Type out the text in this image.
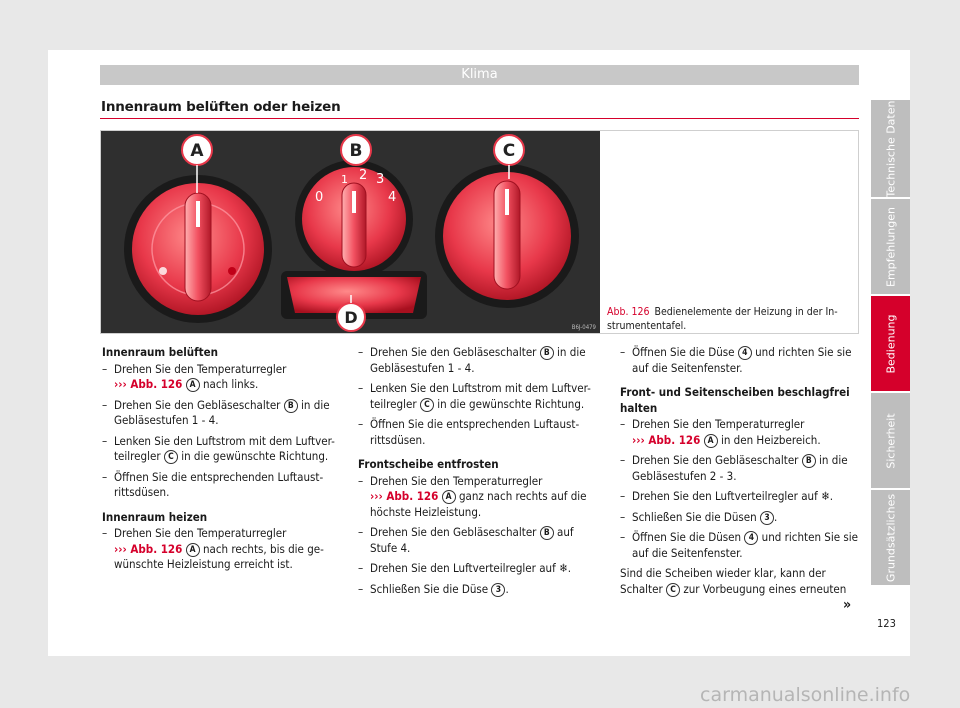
Klima
Innenraum belüften oder heizen
0
1 2 3
4
A	B	C
D
B6J-0479
Abb. 126 Bedienelemente der Heizung in der In-strumententafel.
Innenraum belüften
– Drehen Sie den Temperaturregler
››› Abb. 126 A nach links.
– Drehen Sie den Gebläseschalter B in die
Gebläsestufen 1 - 4.
– Lenken Sie den Luftstrom mit dem Luftver-
teilregler C in die gewünschte Richtung.
– Öffnen Sie die entsprechenden Luftaust-
rittsdüsen.
Innenraum heizen
– Drehen Sie den Temperaturregler
››› Abb. 126 A nach rechts, bis die ge-
wünschte Heizleistung erreicht ist.
– Drehen Sie den Gebläseschalter B in die
Gebläsestufen 1 - 4.
– Lenken Sie den Luftstrom mit dem Luftver-
teilregler C in die gewünschte Richtung.
– Öffnen Sie die entsprechenden Luftaust-
rittsdüsen.
Frontscheibe entfrosten
– Drehen Sie den Temperaturregler
››› Abb. 126 A ganz nach rechts auf die
höchste Heizleistung.
– Drehen Sie den Gebläseschalter B auf
Stufe 4.
– Drehen Sie den Luftverteilregler auf ❄.
– Schließen Sie die Düse 3 .
– Öffnen Sie die Düse 4 und richten Sie sie
auf die Seitenfenster.
Front- und Seitenscheiben beschlagfrei
halten
– Drehen Sie den Temperaturregler
››› Abb. 126 A in den Heizbereich.
– Drehen Sie den Gebläseschalter B in die
Gebläsestufen 2 - 3.
– Drehen Sie den Luftverteilregler auf ❄.
– Schließen Sie die Düsen 3 .
– Öffnen Sie die Düsen 4 und richten Sie sie
auf die Seitenfenster.
Sind die Scheiben wieder klar, kann der
Schalter C zur Vorbeugung eines erneuten
»
Technische Daten
Empfehlungen
Bedienung
Sicherheit
Grundsätzliches
123
carmanualsonline.info
